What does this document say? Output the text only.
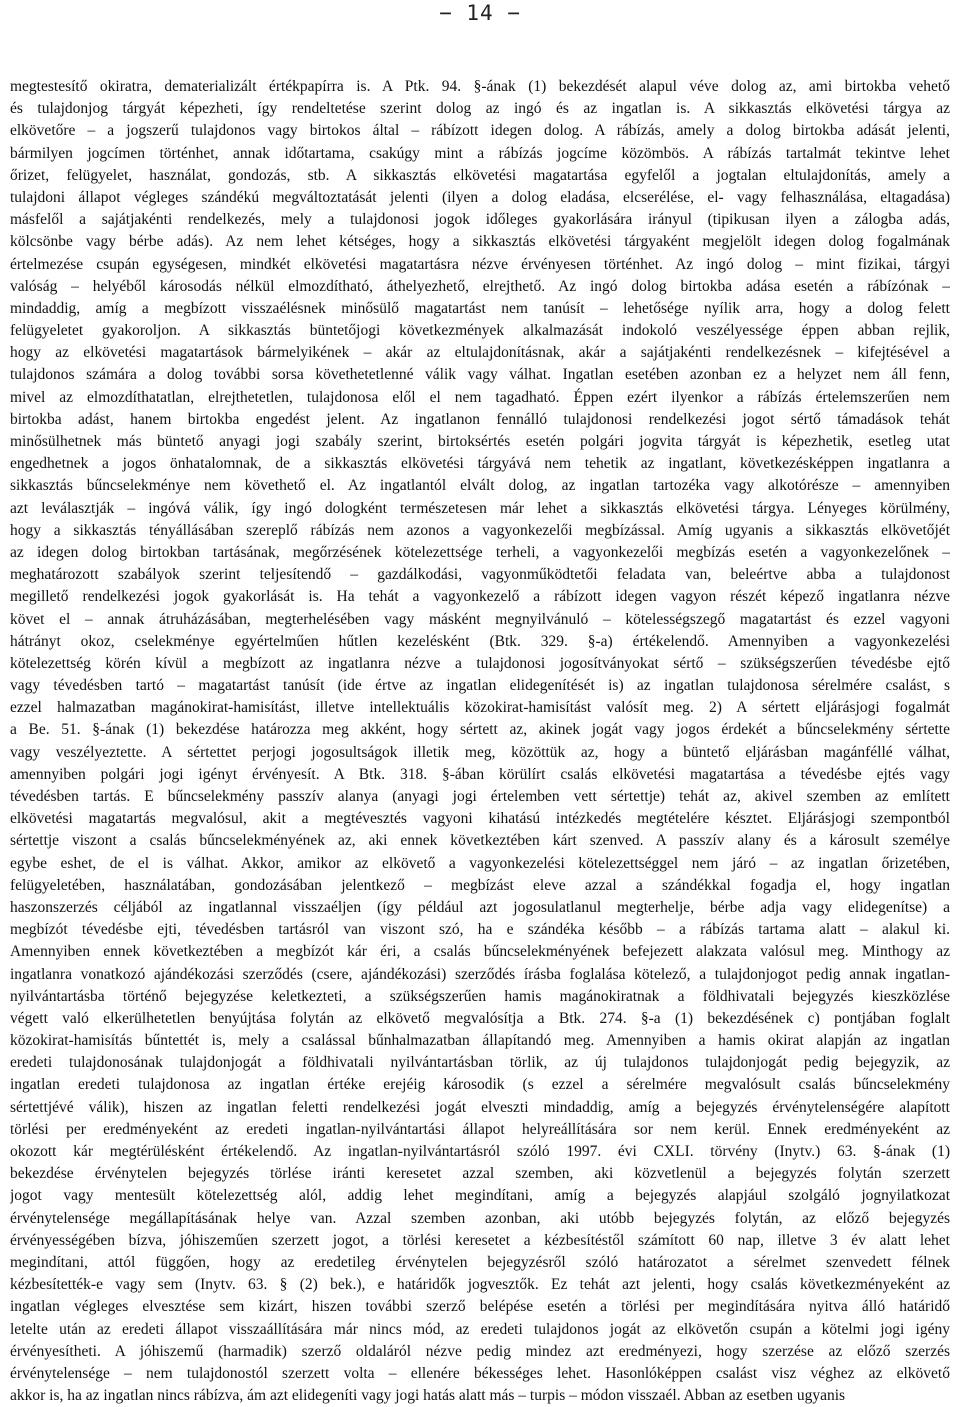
− 14 −
megtestesítő okiratra, dematerializált értékpapírra is. A Ptk. 94. §-ának (1) bekezdését alapul véve dolog az, ami birtokba vehető
és tulajdonjog tárgyát képezheti, így rendeltetése szerint dolog az ingó és az ingatlan is. A sikkasztás elkövetési tárgya az
elkövetőre – a jogszerű tulajdonos vagy birtokos által – rábízott idegen dolog. A rábízás, amely a dolog birtokba adását jelenti,
bármilyen jogcímen történhet, annak időtartama, csakúgy mint a rábízás jogcíme közömbös. A rábízás tartalmát tekintve lehet
őrizet, felügyelet, használat, gondozás, stb. A sikkasztás elkövetési magatartása egyfelől a jogtalan eltulajdonítás, amely a
tulajdoni állapot végleges szándékú megváltoztatását jelenti (ilyen a dolog eladása, elcserélése, el- vagy felhasználása, eltagadása)
másfelől a sajátjakénti rendelkezés, mely a tulajdonosi jogok időleges gyakorlására irányul (tipikusan ilyen a zálogba adás,
kölcsönbe vagy bérbe adás). Az nem lehet kétséges, hogy a sikkasztás elkövetési tárgyaként megjelölt idegen dolog fogalmának
értelmezése csupán egységesen, mindkét elkövetési magatartásra nézve érvényesen történhet. Az ingó dolog – mint fizikai, tárgyi
valóság – helyéből károsodás nélkül elmozdítható, áthelyezhető, elrejthető. Az ingó dolog birtokba adása esetén a rábízónak –
mindaddig, amíg a megbízott visszaélésnek minősülő magatartást nem tanúsít – lehetősége nyílik arra, hogy a dolog felett
felügyeletet gyakoroljon. A sikkasztás büntetőjogi következmények alkalmazását indokoló veszélyessége éppen abban rejlik,
hogy az elkövetési magatartások bármelyikének – akár az eltulajdonításnak, akár a sajátjakénti rendelkezésnek – kifejtésével a
tulajdonos számára a dolog további sorsa követhetetlenné válik vagy válhat. Ingatlan esetében azonban ez a helyzet nem áll fenn,
mivel az elmozdíthatatlan, elrejthetetlen, tulajdonosa elől el nem tagadható. Éppen ezért ilyenkor a rábízás értelemszerűen nem
birtokba adást, hanem birtokba engedést jelent. Az ingatlanon fennálló tulajdonosi rendelkezési jogot sértő támadások tehát
minősülhetnek más büntető anyagi jogi szabály szerint, birtoksértés esetén polgári jogvita tárgyát is képezhetik, esetleg utat
engedhetnek a jogos önhatalomnak, de a sikkasztás elkövetési tárgyává nem tehetik az ingatlant, következésképpen ingatlanra a
sikkasztás bűncselekménye nem követhető el. Az ingatlantól elvált dolog, az ingatlan tartozéka vagy alkotórésze – amennyiben
azt leválasztják – ingóvá válik, így ingó dologként természetesen már lehet a sikkasztás elkövetési tárgya. Lényeges körülmény,
hogy a sikkasztás tényállásában szereplő rábízás nem azonos a vagyonkezelői megbízással. Amíg ugyanis a sikkasztás elkövetőjét
az idegen dolog birtokban tartásának, megőrzésének kötelezettsége terheli, a vagyonkezelői megbízás esetén a vagyonkezelőnek –
meghatározott szabályok szerint teljesítendő – gazdálkodási, vagyonműködtetői feladata van, beleértve abba a tulajdonost
megillető rendelkezési jogok gyakorlását is. Ha tehát a vagyonkezelő a rábízott idegen vagyon részét képező ingatlanra nézve
követ el – annak átruházásában, megterhelésében vagy másként megnyilvánuló – kötelességszegő magatartást és ezzel vagyoni
hátrányt okoz, cselekménye egyértelműen hűtlen kezelésként (Btk. 329. §-a) értékelendő. Amennyiben a vagyonkezelési
kötelezettség körén kívül a megbízott az ingatlanra nézve a tulajdonosi jogosítványokat sértő – szükségszerűen tévedésbe ejtő
vagy tévedésben tartó – magatartást tanúsít (ide értve az ingatlan elidegenítését is) az ingatlan tulajdonosa sérelmére csalást, s
ezzel halmazatban magánokirat-hamisítást, illetve intellektuális közokirat-hamisítást valósít meg. 2) A sértett eljárásjogi fogalmát
a Be. 51. §-ának (1) bekezdése határozza meg akként, hogy sértett az, akinek jogát vagy jogos érdekét a bűncselekmény sértette
vagy veszélyeztette. A sértettet perjogi jogosultságok illetik meg, közöttük az, hogy a büntető eljárásban magánféllé válhat,
amennyiben polgári jogi igényt érvényesít. A Btk. 318. §-ában körülírt csalás elkövetési magatartása a tévedésbe ejtés vagy
tévedésben tartás. E bűncselekmény passzív alanya (anyagi jogi értelemben vett sértettje) tehát az, akivel szemben az említett
elkövetési magatartás megvalósul, akit a megtévesztés vagyoni kihatású intézkedés megtételére késztet. Eljárásjogi szempontból
sértettje viszont a csalás bűncselekményének az, aki ennek következtében kárt szenved. A passzív alany és a károsult személye
egybe eshet, de el is válhat. Akkor, amikor az elkövető a vagyonkezelési kötelezettséggel nem járó – az ingatlan őrizetében,
felügyeletében, használatában, gondozásában jelentkező – megbízást eleve azzal a szándékkal fogadja el, hogy ingatlan
haszonszerzés céljából az ingatlannal visszaéljen (így például azt jogosulatlanul megterhelje, bérbe adja vagy elidegenítse) a
megbízót tévedésbe ejti, tévedésben tartásról van viszont szó, ha e szándéka később – a rábízás tartama alatt – alakul ki.
Amennyiben ennek következtében a megbízót kár éri, a csalás bűncselekményének befejezett alakzata valósul meg. Minthogy az
ingatlanra vonatkozó ajándékozási szerződés (csere, ajándékozási) szerződés írásba foglalása kötelező, a tulajdonjogot pedig annak ingatlan-
nyilvántartásba történő bejegyzése keletkezteti, a szükségszerűen hamis magánokiratnak a földhivatali bejegyzés kieszközlése
végett való elkerülhetetlen benyújtása folytán az elkövető megvalósítja a Btk. 274. §-a (1) bekezdésének c) pontjában foglalt
közokirat-hamisítás bűntettét is, mely a csalással bűnhalmazatban állapítandó meg. Amennyiben a hamis okirat alapján az ingatlan
eredeti tulajdonosának tulajdonjogát a földhivatali nyilvántartásban törlik, az új tulajdonos tulajdonjogát pedig bejegyzik, az
ingatlan eredeti tulajdonosa az ingatlan értéke erejéig károsodik (s ezzel a sérelmére megvalósult csalás bűncselekmény
sértettjévé válik), hiszen az ingatlan feletti rendelkezési jogát elveszti mindaddig, amíg a bejegyzés érvénytelenségére alapított
törlési per eredményeként az eredeti ingatlan-nyilvántartási állapot helyreállítására sor nem kerül. Ennek eredményeként az
okozott kár megtérülésként értékelendő. Az ingatlan-nyilvántartásról szóló 1997. évi CXLI. törvény (Inytv.) 63. §-ának (1)
bekezdése érvénytelen bejegyzés törlése iránti keresetet azzal szemben, aki közvetlenül a bejegyzés folytán szerzett
jogot vagy mentesült kötelezettség alól, addig lehet megindítani, amíg a bejegyzés alapjául szolgáló jognyilatkozat
érvénytelensége megállapításának helye van. Azzal szemben azonban, aki utóbb bejegyzés folytán, az előző bejegyzés
érvényességében bízva, jóhiszeműen szerzett jogot, a törlési keresetet a kézbesítéstől számított 60 nap, illetve 3 év alatt lehet
megindítani, attól függően, hogy az eredetileg érvénytelen bejegyzésről szóló határozatot a sérelmet szenvedett félnek
kézbesítették-e vagy sem (Inytv. 63. § (2) bek.), e határidők jogvesztők. Ez tehát azt jelenti, hogy csalás következményeként az
ingatlan végleges elvesztése sem kizárt, hiszen további szerző belépése esetén a törlési per megindítására nyitva álló határidő
letelte után az eredeti állapot visszaállítására már nincs mód, az eredeti tulajdonos jogát az elkövetőn csupán a kötelmi jogi igény
érvényesítheti. A jóhiszemű (harmadik) szerző oldaláról nézve pedig mindez azt eredményezi, hogy szerzése az előző szerzés
érvénytelensége – nem tulajdonostól szerzett volta – ellenére békességes lehet. Hasonlóképpen csalást visz véghez az elkövető
akkor is, ha az ingatlan nincs rábízva, ám azt elidegeníti vagy jogi hatás alatt más – turpis – módon visszaél. Abban az esetben ugyanis
